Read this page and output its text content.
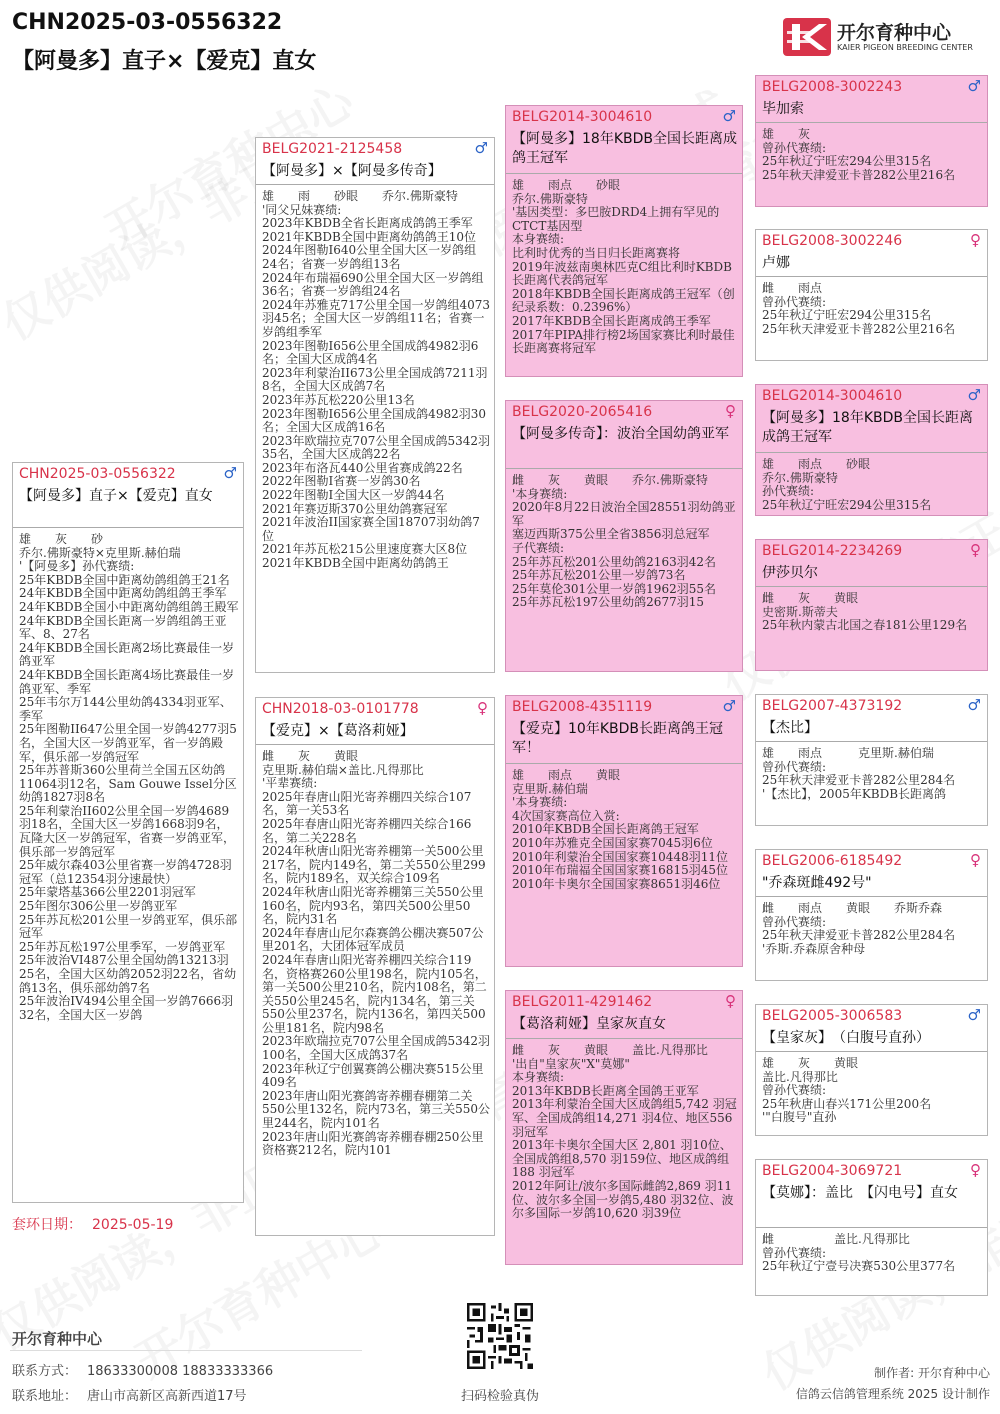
CHN2025-03-0556322
【阿曼多】直子×【爱克】直女
开尔育种中心
KAIER PIGEON BREEDING CENTER
CHN2025-03-0556322	♂
【阿曼多】直子×【爱克】直女
雄　　灰　　砂
乔尔.佛斯豪特×克里斯.赫伯瑞
'【阿曼多】孙代赛绩:
25年KBDB全国中距离幼鸽组鸽王21名
24年KBDB全国中距离幼鸽组鸽王季军
24年KBDB全国小中距离幼鸽组鸽王殿军
24年KBDB全国长距离一岁鸽组鸽王亚军、8、27名
24年KBDB全国长距离2场比赛最佳一岁鸽亚军
24年KBDB全国长距离4场比赛最佳一岁鸽亚军、季军
25年韦尔万144公里幼鸽4334羽亚军、季军
25年图勒II647公里全国一岁鸽4277羽5名，全国大区一岁鸽亚军，省一岁鸽殿军，俱乐部一岁鸽冠军
25年苏普斯360公里荷兰全国五区幼鸽11064羽12名，Sam Gouwe Issel分区幼鸽1827羽8名
25年利蒙治II602公里全国一岁鸽4689羽18名，全国大区一岁鸽1668羽9名，瓦隆大区一岁鸽冠军，省赛一岁鸽亚军，俱乐部一岁鸽冠军
25年威尔森403公里省赛一岁鸽4728羽冠军（总12354羽分速最快）
25年蒙塔基366公里2201羽冠军
25年图尔306公里一岁鸽亚军
25年苏瓦松201公里一岁鸽亚军，俱乐部冠军
25年苏瓦松197公里季军，一岁鸽亚军
25年波治VI487公里全国幼鸽13213羽25名，全国大区幼鸽2052羽22名，省幼鸽13名，俱乐部幼鸽7名
25年波治IV494公里全国一岁鸽7666羽32名，全国大区一岁鸽
套环日期： 2025-05-19
BELG2021-2125458	♂
【阿曼多】×【阿曼多传奇】
雄　　雨　　砂眼　　乔尔.佛斯豪特
'同父兄妹赛绩:
2023年KBDB全省长距离成鸽鸽王季军
2021年KBDB全国中距离幼鸽鸽王10位
2024年图勒I640公里全国大区一岁鸽组24名；省赛一岁鸽组13名
2024年布瑞福690公里全国大区一岁鸽组36名；省赛一岁鸽组24名
2024年苏雅克717公里全国一岁鸽组4073羽45名；全国大区一岁鸽组11名；省赛一岁鸽组季军
2023年图勒I656公里全国成鸽4982羽6名；全国大区成鸽4名
2023年利蒙治II673公里全国成鸽7211羽8名，全国大区成鸽7名
2023年苏瓦松220公里13名
2023年图勒I656公里全国成鸽4982羽30名；全国大区成鸽16名
2023年欧瑞拉克707公里全国成鸽5342羽35名，全国大区成鸽22名
2023年布洛瓦440公里省赛成鸽22名
2022年图勒I省赛一岁鸽30名
2022年图勒I全国大区一岁鸽44名
2021年赛迈斯370公里幼鸽赛冠军
2021年波治II国家赛全国18707羽幼鸽7位
2021年苏瓦松215公里速度赛大区8位
2021年KBDB全国中距离幼鸽鸽王
CHN2018-03-0101778	♀
【爱克】×【葛洛莉娅】
雌　　灰　　黄眼
克里斯.赫伯瑞×盖比.凡得那比
'平辈赛绩:
2025年春唐山阳光寄养棚四关综合107名，第一关53名
2025年春唐山阳光寄养棚四关综合166名，第二关228名
2024年秋唐山阳光寄养棚第一关500公里217名，院内149名，第二关550公里299名，院内189名，双关综合109名
2024年秋唐山阳光寄养棚第三关550公里160名，院内93名，第四关500公里50名，院内31名
2024年春唐山尼尔森赛鸽公棚决赛507公里201名，大团体冠军成员
2024年春唐山阳光寄养棚四关综合119名，资格赛260公里198名，院内105名，第一关500公里210名，院内108名，第二关550公里245名，院内134名，第三关550公里237名，院内136名，第四关500公里181名，院内98名
2023年欧瑞拉克707公里全国成鸽5342羽100名，全国大区成鸽37名
2023年秋辽宁创翼赛鸽公棚决赛515公里409名
2023年唐山阳光赛鸽寄养棚春棚第二关550公里132名，院内73名，第三关550公里244名，院内101名
2023年唐山阳光赛鸽寄养棚春棚250公里资格赛212名，院内101
BELG2014-3004610	♂
【阿曼多】18年KBDB全国长距离成鸽王冠军
雄　　雨点　　砂眼
乔尔.佛斯豪特
'基因类型：多巴胺DRD4上拥有罕见的CTCT基因型
本身赛绩:
比利时优秀的当日归长距离赛将
2019年波兹南奥林匹克C组比利时KBDB长距离代表鸽冠军
2018年KBDB全国长距离成鸽王冠军（创纪录系数：0.2396%）
2017年KBDB全国长距离成鸽王季军
2017年PIPA排行榜2场国家赛比利时最佳长距离赛将冠军
BELG2020-2065416	♀
【阿曼多传奇】：波治全国幼鸽亚军
雌　　灰　　黄眼　　乔尔.佛斯豪特
'本身赛绩:
2020年8月22日波治全国28551羽幼鸽亚军
塞迈西斯375公里全省3856羽总冠军
子代赛绩:
25年苏瓦松201公里幼鸽2163羽42名
25年苏瓦松201公里一岁鸽73名
25年莫伦301公里一岁鸽1962羽55名
25年苏瓦松197公里幼鸽2677羽15
BELG2008-4351119	♂
【爱克】10年KBDB长距离鸽王冠军！
雄　　雨点　　黄眼
克里斯.赫伯瑞
'本身赛绩:
4次国家赛高位入赏:
2010年KBDB全国长距离鸽王冠军
2010年苏雅克全国国家赛7045羽6位
2010年利蒙治全国国家赛10448羽11位
2010年布瑞福全国国家赛16815羽45位
2010年卡奥尔全国国家赛8651羽46位
BELG2011-4291462	♀
【葛洛莉娅】皇家灰直女
雌　　灰　　黄眼　　盖比.凡得那比
'出自"皇家灰"X"莫娜"
本身赛绩:
2013年KBDB长距离全国鸽王亚军
2013年利蒙治全国大区成鸽组5,742 羽冠军、全国成鸽组14,271 羽4位、地区556 羽冠军
2013年卡奥尔全国大区 2,801 羽10位、全国成鸽组8,570 羽159位、地区成鸽组188 羽冠军
2012年阿让/波尔多国际雌鸽2,869 羽11位、波尔多全国一岁鸽5,480 羽32位、波尔多国际一岁鸽10,620 羽39位
BELG2008-3002243	♂
毕加索
雄　　灰
曾孙代赛绩:
25年秋辽宁旺宏294公里315名
25年秋天津爱亚卡普282公里216名
BELG2008-3002246	♀
卢娜
雌　　雨点
曾孙代赛绩:
25年秋辽宁旺宏294公里315名
25年秋天津爱亚卡普282公里216名
BELG2014-3004610	♂
【阿曼多】18年KBDB全国长距离成鸽王冠军
雄　　雨点　　砂眼
乔尔.佛斯豪特
孙代赛绩:
25年秋辽宁旺宏294公里315名
BELG2014-2234269	♀
伊莎贝尔
雌　　灰　　黄眼
史密斯.斯蒂夫
25年秋内蒙古北国之春181公里129名
BELG2007-4373192	♂
【杰比】
雄　　雨点　　　克里斯.赫伯瑞
曾孙代赛绩:
25年秋天津爱亚卡普282公里284名
'【杰比】，2005年KBDB长距离鸽
BELG2006-6185492	♀
"乔森斑雌492号"
雌　　雨点　　黄眼　　乔斯乔森
曾孙代赛绩:
25年秋天津爱亚卡普282公里284名
'乔斯.乔森原舍种母
BELG2005-3006583	♂
【皇家灰】　（白腹号直孙）
雄　　灰　　黄眼
盖比.凡得那比
曾孙代赛绩:
25年秋唐山春兴171公里200名
'"白腹号"直孙
BELG2004-3069721	♀
【莫娜】：盖比　【闪电号】直女
雌　　　　　盖比.凡得那比
曾孙代赛绩:
25年秋辽宁壹号决赛530公里377名
开尔育种中心
联系方式： 18633300008 18833333366
联系地址： 唐山市高新区高新西道17号	扫码检验真伪
制作者: 开尔育种中心
信鸽云信鸽管理系统 2025 设计制作
